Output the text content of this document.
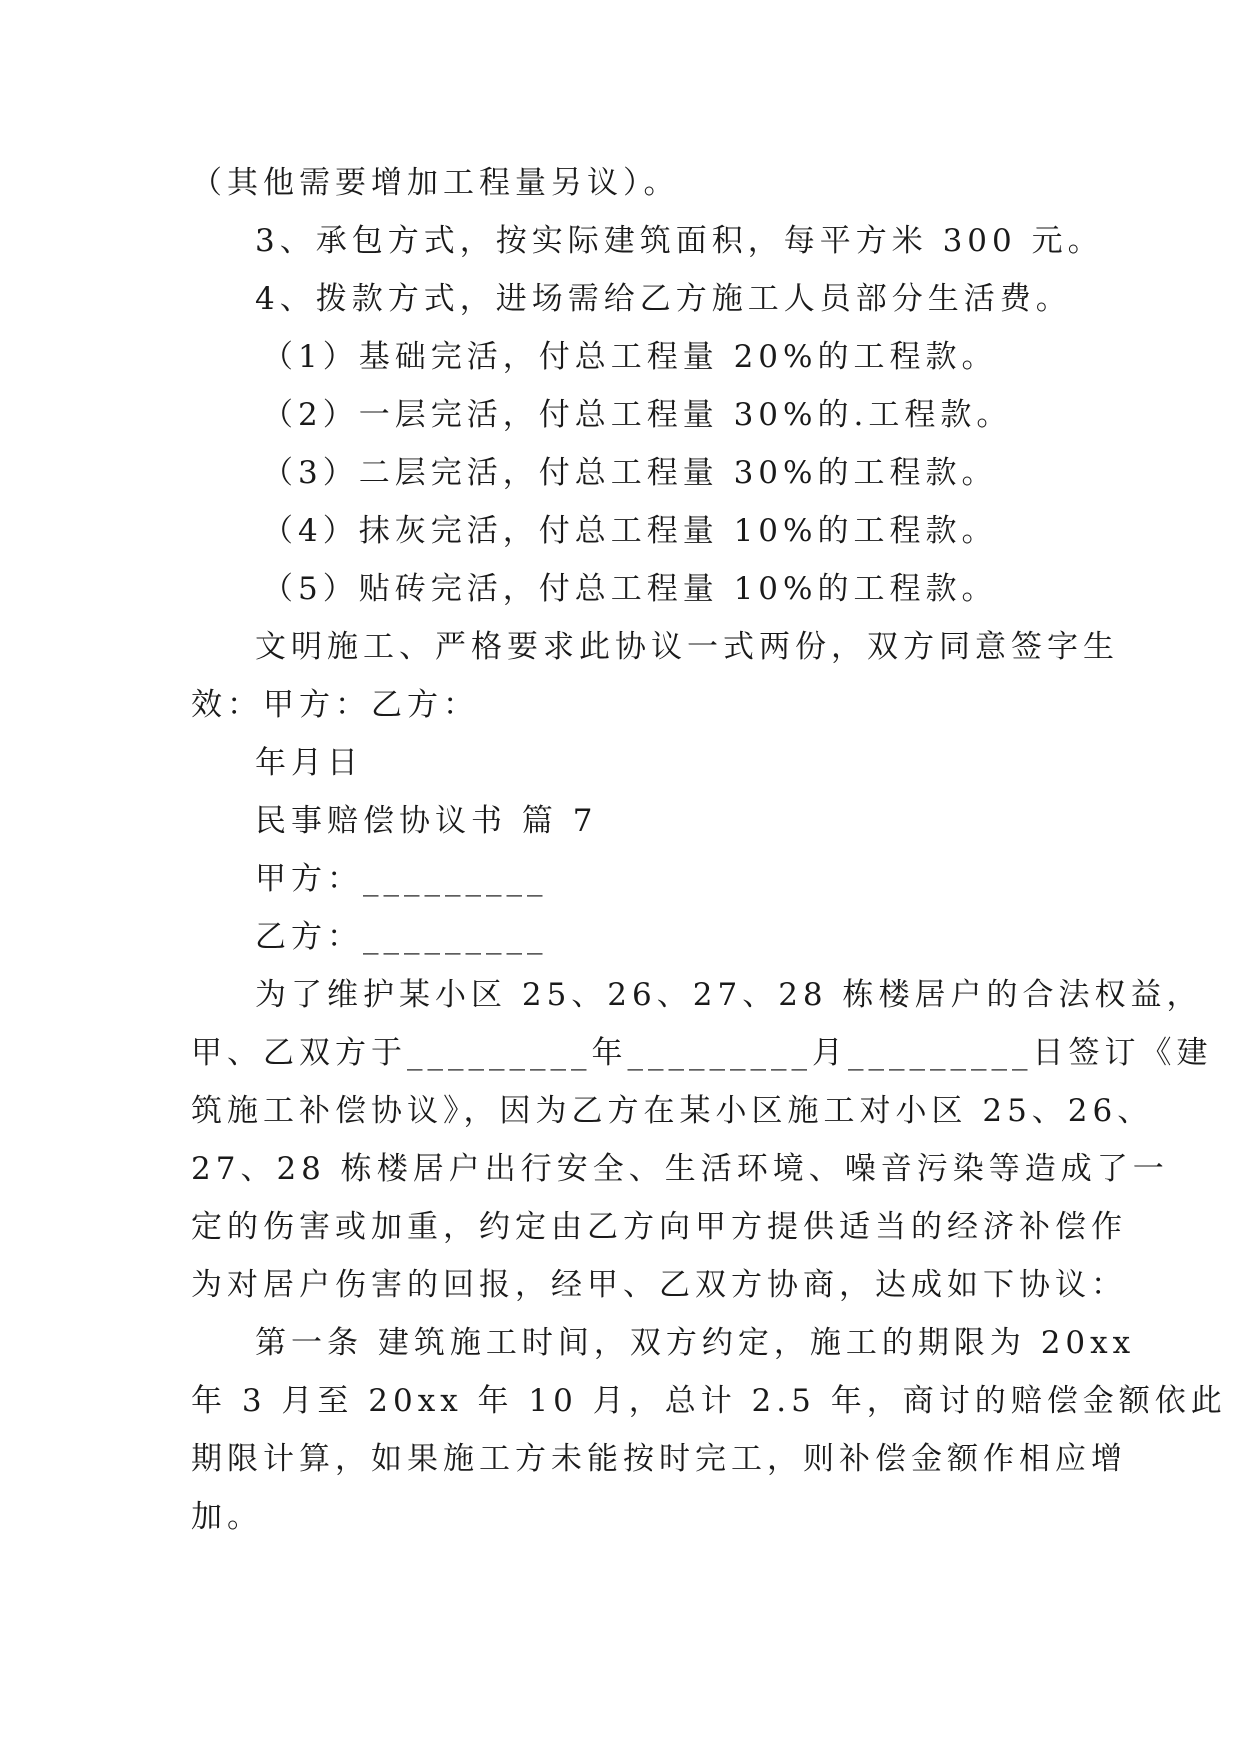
（其他需要增加工程量另议）。
3、承包方式，按实际建筑面积，每平方米 300 元。
4、拨款方式，进场需给乙方施工人员部分生活费。
（1）基础完活，付总工程量 20%的工程款。
（2）一层完活，付总工程量 30%的.工程款。
（3）二层完活，付总工程量 30%的工程款。
（4）抹灰完活，付总工程量 10%的工程款。
（5）贴砖完活，付总工程量 10%的工程款。
文明施工、严格要求此协议一式两份，双方同意签字生
效：甲方：乙方：
年月日
民事赔偿协议书 篇 7
甲方：_________
乙方：_________
为了维护某小区 25、26、27、28 栋楼居户的合法权益，
甲、乙双方于_________年_________月_________日签订《建
筑施工补偿协议》，因为乙方在某小区施工对小区 25、26、
27、28 栋楼居户出行安全、生活环境、噪音污染等造成了一
定的伤害或加重，约定由乙方向甲方提供适当的经济补偿作
为对居户伤害的回报，经甲、乙双方协商，达成如下协议：
第一条 建筑施工时间，双方约定，施工的期限为 20xx
年 3 月至 20xx 年 10 月，总计 2.5 年，商讨的赔偿金额依此
期限计算，如果施工方未能按时完工，则补偿金额作相应增
加。
